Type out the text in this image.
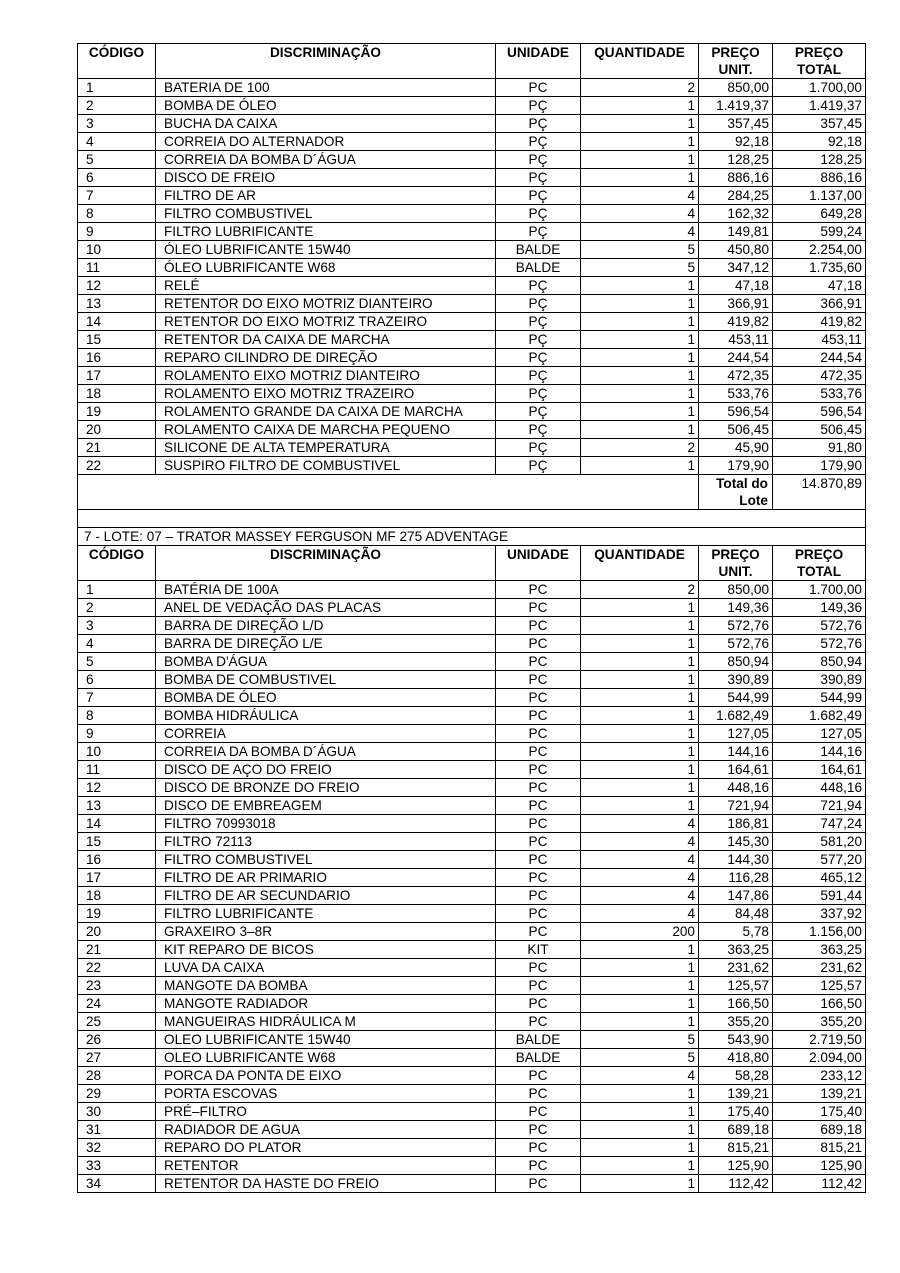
CÓDIGO	DISCRIMINAÇÃO	UNIDADE	QUANTIDADE	PREÇO UNIT.	PREÇO TOTAL
1	BATERIA DE 100	PC	2	850,00	1.700,00
2	BOMBA DE ÓLEO	PÇ	1	1.419,37	1.419,37
3	BUCHA DA CAIXA	PÇ	1	357,45	357,45
4	CORREIA DO ALTERNADOR	PÇ	1	92,18	92,18
5	CORREIA DA BOMBA D´ÁGUA	PÇ	1	128,25	128,25
6	DISCO DE FREIO	PÇ	1	886,16	886,16
7	FILTRO DE AR	PÇ	4	284,25	1.137,00
8	FILTRO COMBUSTIVEL	PÇ	4	162,32	649,28
9	FILTRO LUBRIFICANTE	PÇ	4	149,81	599,24
10	ÓLEO LUBRIFICANTE 15W40	BALDE	5	450,80	2.254,00
11	ÓLEO LUBRIFICANTE W68	BALDE	5	347,12	1.735,60
12	RELÉ	PÇ	1	47,18	47,18
13	RETENTOR DO EIXO MOTRIZ DIANTEIRO	PÇ	1	366,91	366,91
14	RETENTOR DO EIXO MOTRIZ TRAZEIRO	PÇ	1	419,82	419,82
15	RETENTOR DA CAIXA DE MARCHA	PÇ	1	453,11	453,11
16	REPARO CILINDRO DE DIREÇÃO	PÇ	1	244,54	244,54
17	ROLAMENTO EIXO MOTRIZ DIANTEIRO	PÇ	1	472,35	472,35
18	ROLAMENTO EIXO MOTRIZ TRAZEIRO	PÇ	1	533,76	533,76
19	ROLAMENTO GRANDE DA CAIXA DE MARCHA	PÇ	1	596,54	596,54
20	ROLAMENTO CAIXA DE MARCHA PEQUENO	PÇ	1	506,45	506,45
21	SILICONE DE ALTA TEMPERATURA	PÇ	2	45,90	91,80
22	SUSPIRO FILTRO DE COMBUSTIVEL	PÇ	1	179,90	179,90
				Total do Lote	14.870,89

7 - LOTE: 07 – TRATOR MASSEY FERGUSON MF 275 ADVENTAGE					
CÓDIGO	DISCRIMINAÇÃO	UNIDADE	QUANTIDADE	PREÇO UNIT.	PREÇO TOTAL
1	BATÉRIA DE 100A	PC	2	850,00	1.700,00
2	ANEL DE VEDAÇÃO DAS PLACAS	PC	1	149,36	149,36
3	BARRA DE DIREÇÃO L/D	PC	1	572,76	572,76
4	BARRA DE DIREÇÃO L/E	PC	1	572,76	572,76
5	BOMBA D'ÁGUA	PC	1	850,94	850,94
6	BOMBA DE COMBUSTIVEL	PC	1	390,89	390,89
7	BOMBA DE ÓLEO	PC	1	544,99	544,99
8	BOMBA HIDRÁULICA	PC	1	1.682,49	1.682,49
9	CORREIA	PC	1	127,05	127,05
10	CORREIA DA BOMBA D´ÁGUA	PC	1	144,16	144,16
11	DISCO DE AÇO DO FREIO	PC	1	164,61	164,61
12	DISCO DE BRONZE DO FREIO	PC	1	448,16	448,16
13	DISCO DE EMBREAGEM	PC	1	721,94	721,94
14	FILTRO 70993018	PC	4	186,81	747,24
15	FILTRO 72113	PC	4	145,30	581,20
16	FILTRO COMBUSTIVEL	PC	4	144,30	577,20
17	FILTRO DE AR PRIMARIO	PC	4	116,28	465,12
18	FILTRO DE AR SECUNDARIO	PC	4	147,86	591,44
19	FILTRO LUBRIFICANTE	PC	4	84,48	337,92
20	GRAXEIRO 3–8R	PC	200	5,78	1.156,00
21	KIT REPARO DE BICOS	KIT	1	363,25	363,25
22	LUVA DA CAIXA	PC	1	231,62	231,62
23	MANGOTE DA BOMBA	PC	1	125,57	125,57
24	MANGOTE RADIADOR	PC	1	166,50	166,50
25	MANGUEIRAS HIDRÁULICA M	PC	1	355,20	355,20
26	OLEO LUBRIFICANTE 15W40	BALDE	5	543,90	2.719,50
27	OLEO LUBRIFICANTE W68	BALDE	5	418,80	2.094,00
28	PORCA DA PONTA DE EIXO	PC	4	58,28	233,12
29	PORTA ESCOVAS	PC	1	139,21	139,21
30	PRÉ–FILTRO	PC	1	175,40	175,40
31	RADIADOR DE AGUA	PC	1	689,18	689,18
32	REPARO DO PLATOR	PC	1	815,21	815,21
33	RETENTOR	PC	1	125,90	125,90
34	RETENTOR DA HASTE DO FREIO	PC	1	112,42	112,42
